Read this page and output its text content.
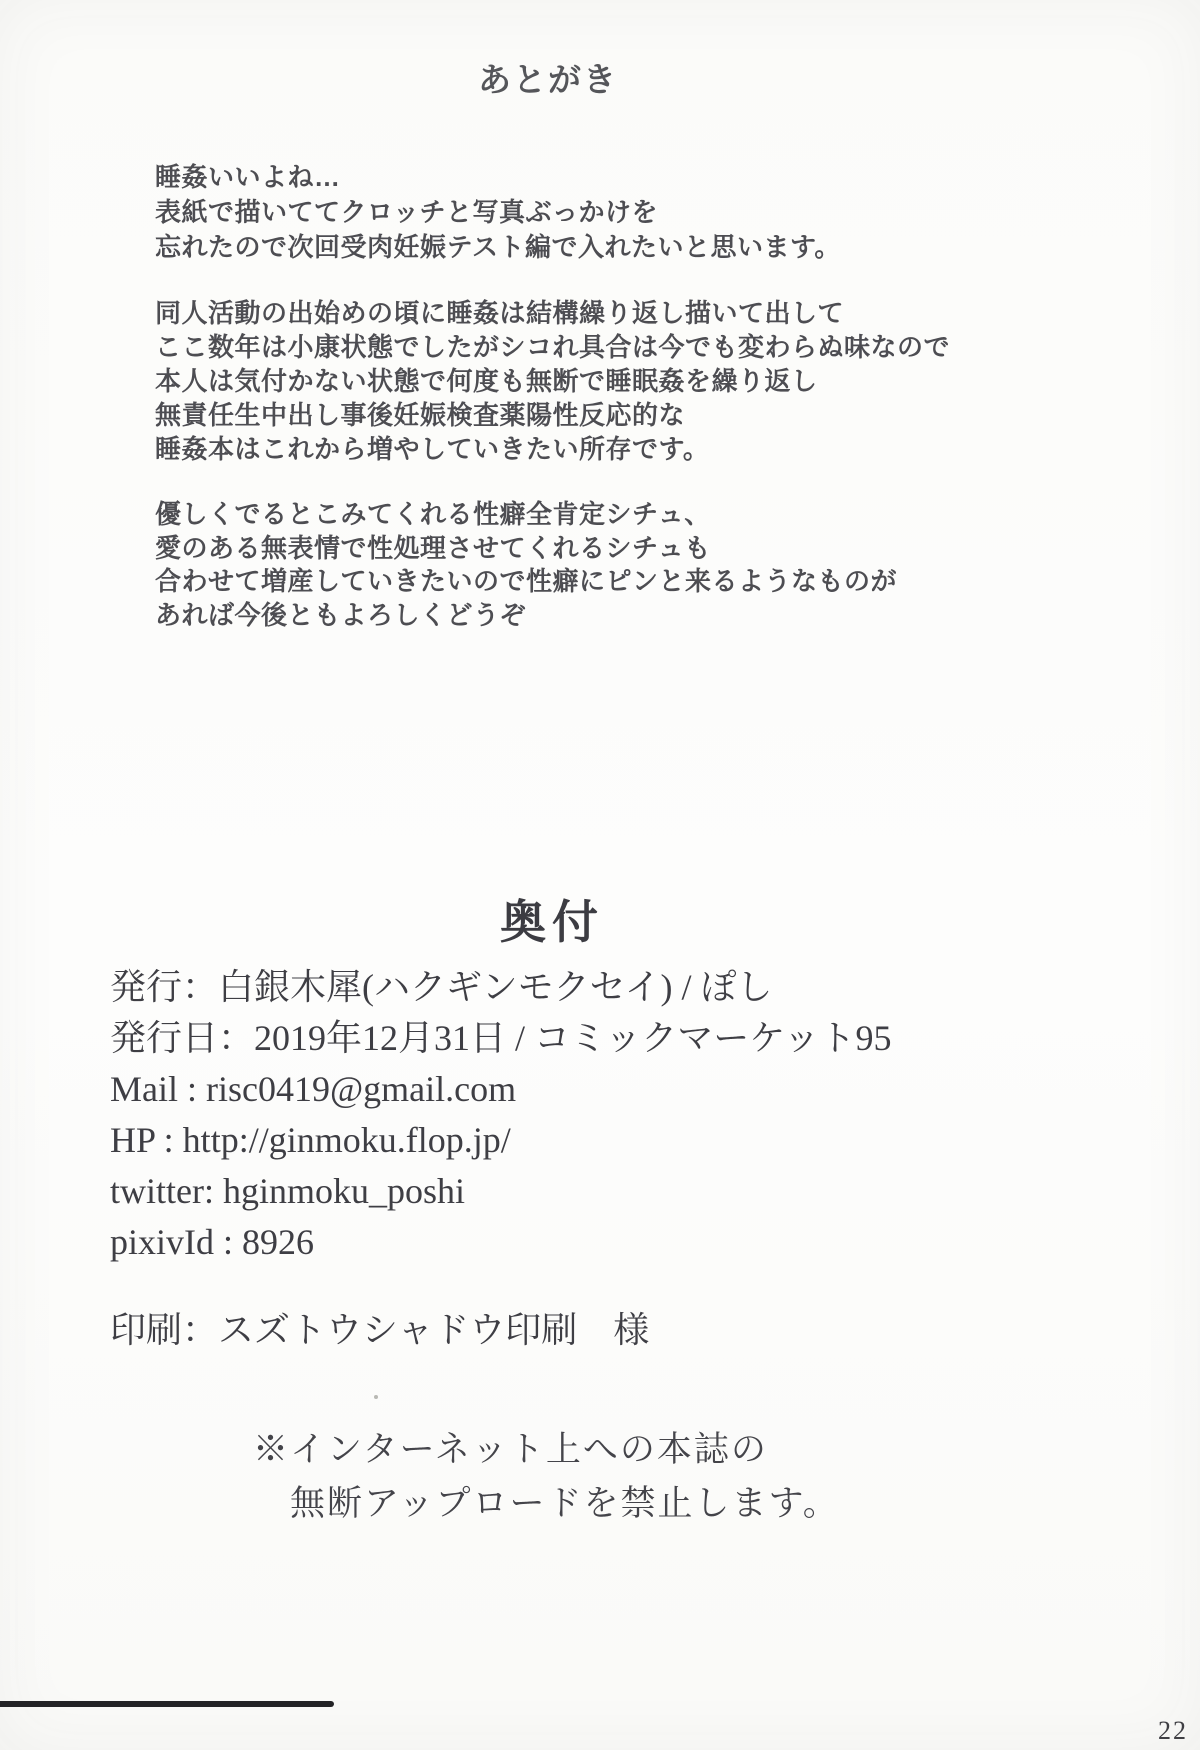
あとがき
睡姦いいよね…
表紙で描いててクロッチと写真ぶっかけを
忘れたので次回受肉妊娠テスト編で入れたいと思います。
同人活動の出始めの頃に睡姦は結構繰り返し描いて出して
ここ数年は小康状態でしたがシコれ具合は今でも変わらぬ味なので
本人は気付かない状態で何度も無断で睡眠姦を繰り返し
無責任生中出し事後妊娠検査薬陽性反応的な
睡姦本はこれから増やしていきたい所存です。
優しくでるとこみてくれる性癖全肯定シチュ、
愛のある無表情で性処理させてくれるシチュも
合わせて増産していきたいので性癖にピンと来るようなものが
あれば今後ともよろしくどうぞ
奥付
発行：白銀木犀(ハクギンモクセイ) / ぽし
発行日：2019年12月31日 / コミックマーケット95
Mail : risc0419@gmail.com
HP : http://ginmoku.flop.jp/
twitter: hginmoku_poshi
pixivId : 8926
印刷：スズトウシャドウ印刷　様
※インターネット上への本誌の
無断アップロードを禁止します。
22
